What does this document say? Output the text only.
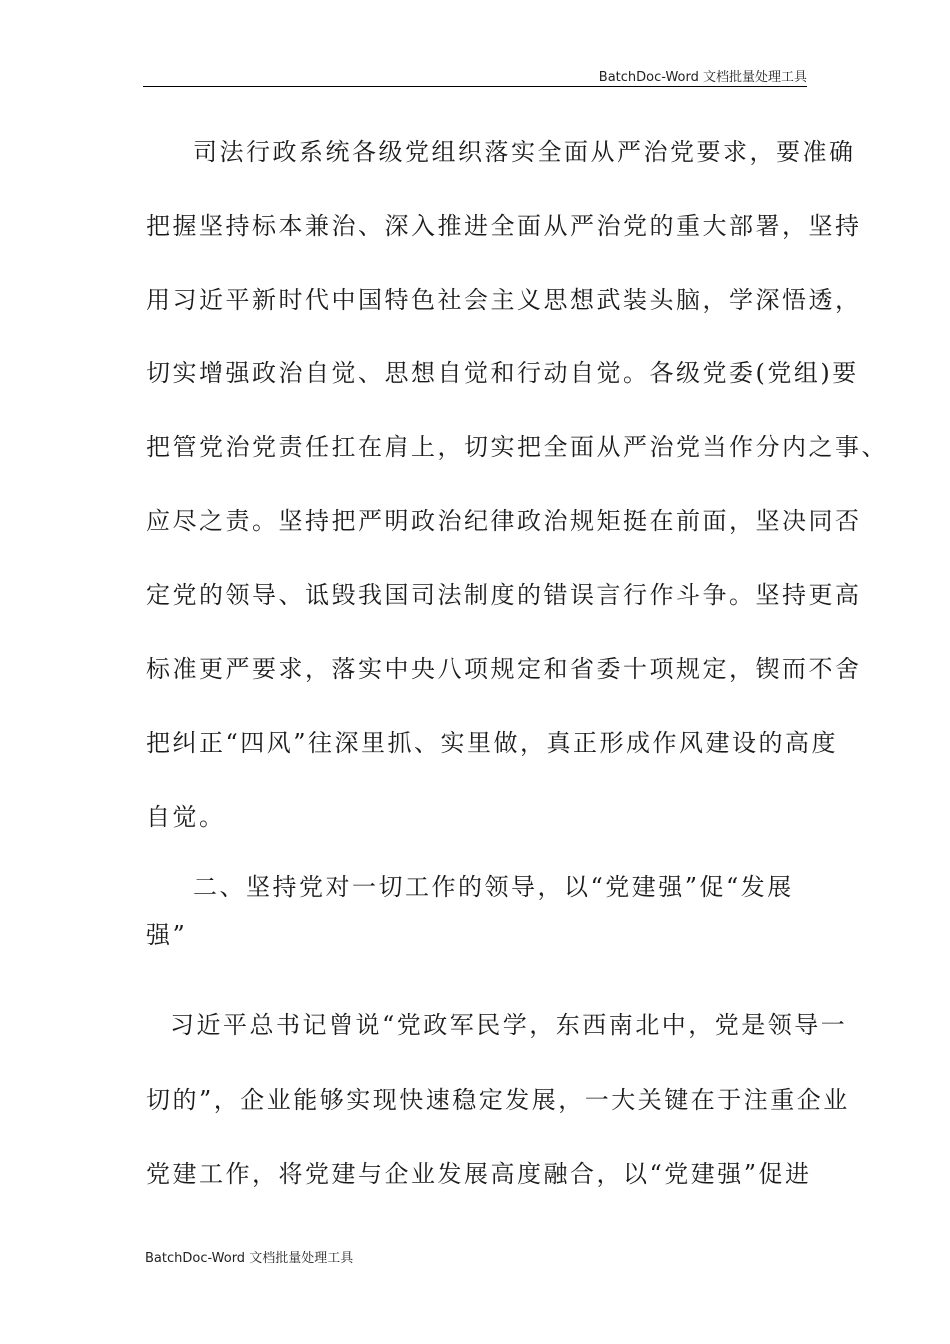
BatchDoc-Word 文档批量处理工具
司法行政系统各级党组织落实全面从严治党要求，要准确
把握坚持标本兼治、深入推进全面从严治党的重大部署，坚持
用习近平新时代中国特色社会主义思想武装头脑，学深悟透，
切实增强政治自觉、思想自觉和行动自觉。各级党委(党组)要
把管党治党责任扛在肩上，切实把全面从严治党当作分内之事、
应尽之责。坚持把严明政治纪律政治规矩挺在前面，坚决同否
定党的领导、诋毁我国司法制度的错误言行作斗争。坚持更高
标准更严要求，落实中央八项规定和省委十项规定，锲而不舍
把纠正“四风”往深里抓、实里做，真正形成作风建设的高度
自觉。
二、坚持党对一切工作的领导，以“党建强”促“发展
强”
习近平总书记曾说“党政军民学，东西南北中，党是领导一
切的”，企业能够实现快速稳定发展，一大关键在于注重企业
党建工作，将党建与企业发展高度融合，以“党建强”促进
BatchDoc-Word 文档批量处理工具
